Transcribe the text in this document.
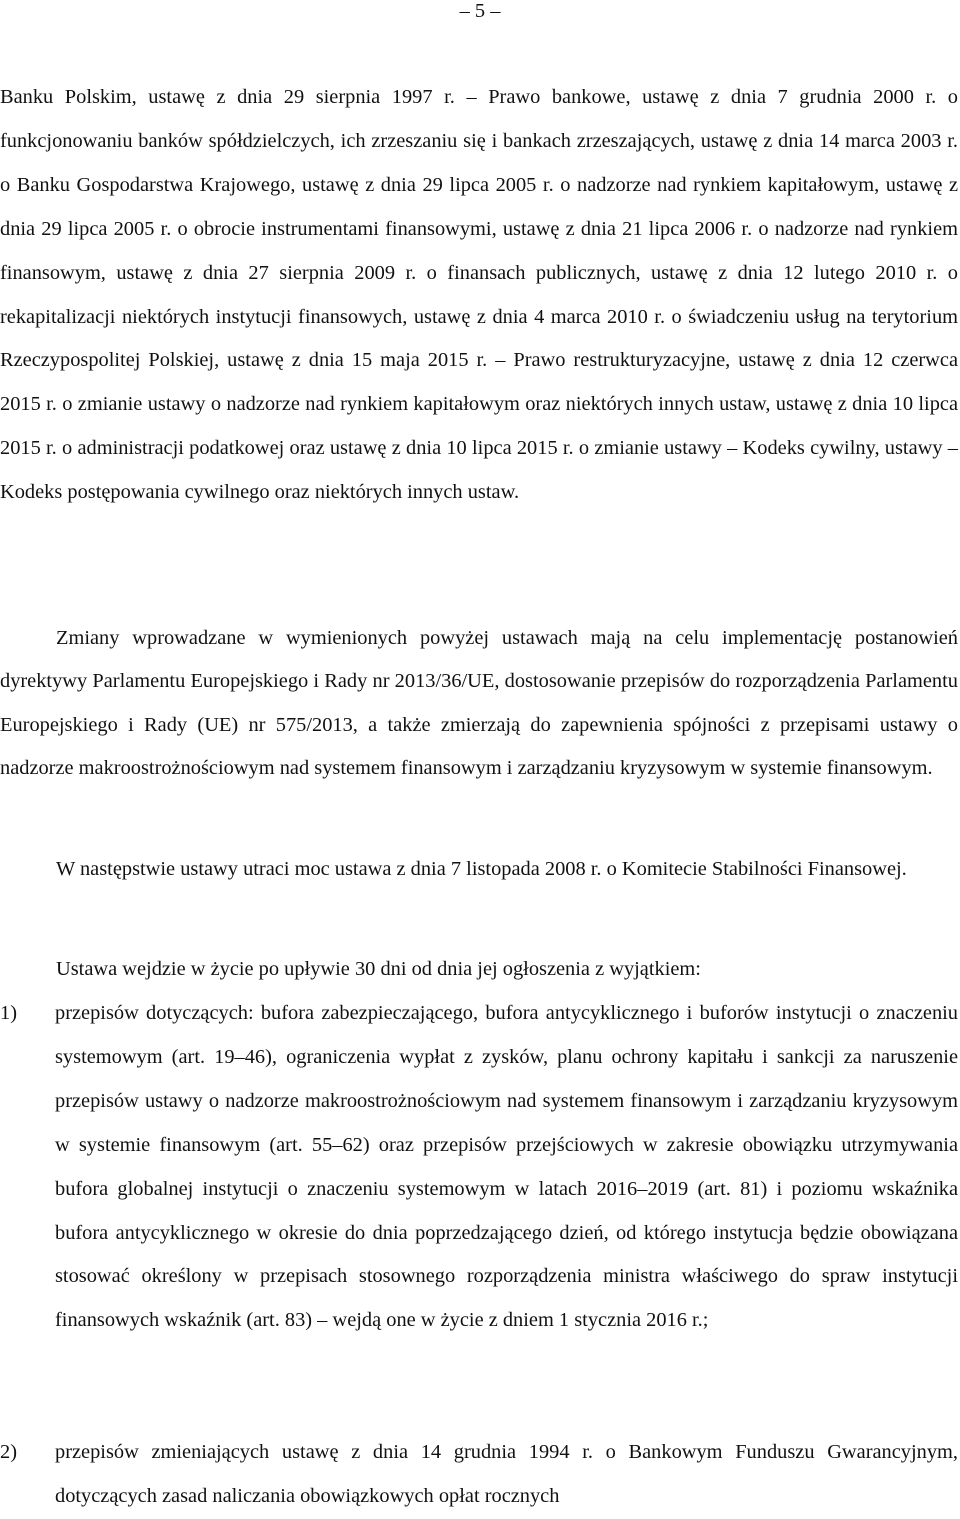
– 5 –

Banku Polskim, ustawę z dnia 29 sierpnia 1997 r. – Prawo bankowe, ustawę z dnia 7 grudnia 2000 r. o funkcjonowaniu banków spółdzielczych, ich zrzeszaniu się i bankach zrzeszających, ustawę z dnia 14 marca 2003 r. o Banku Gospodarstwa Krajowego, ustawę z dnia 29 lipca 2005 r. o nadzorze nad rynkiem kapitałowym, ustawę z dnia 29 lipca 2005 r. o obrocie instrumentami finansowymi, ustawę z dnia 21 lipca 2006 r. o nadzorze nad rynkiem finansowym, ustawę z dnia 27 sierpnia 2009 r. o finansach publicznych, ustawę z dnia 12 lutego 2010 r. o rekapitalizacji niektórych instytucji finansowych, ustawę z dnia 4 marca 2010 r. o świadczeniu usług na terytorium Rzeczypospolitej Polskiej, ustawę z dnia 15 maja 2015 r. – Prawo restrukturyzacyjne, ustawę z dnia 12 czerwca 2015 r. o zmianie ustawy o nadzorze nad rynkiem kapitałowym oraz niektórych innych ustaw, ustawę z dnia 10 lipca 2015 r. o administracji podatkowej oraz ustawę z dnia 10 lipca 2015 r. o zmianie ustawy – Kodeks cywilny, ustawy – Kodeks postępowania cywilnego oraz niektórych innych ustaw.

Zmiany wprowadzane w wymienionych powyżej ustawach mają na celu implementację postanowień dyrektywy Parlamentu Europejskiego i Rady nr 2013/36/UE, dostosowanie przepisów do rozporządzenia Parlamentu Europejskiego i Rady (UE) nr 575/2013, a także zmierzają do zapewnienia spójności z przepisami ustawy o nadzorze makroostrożnościowym nad systemem finansowym i zarządzaniu kryzysowym w systemie finansowym.

W następstwie ustawy utraci moc ustawa z dnia 7 listopada 2008 r. o Komitecie Stabilności Finansowej.

Ustawa wejdzie w życie po upływie 30 dni od dnia jej ogłoszenia z wyjątkiem:

1) przepisów dotyczących: bufora zabezpieczającego, bufora antycyklicznego i buforów instytucji o znaczeniu systemowym (art. 19–46), ograniczenia wypłat z zysków, planu ochrony kapitału i sankcji za naruszenie przepisów ustawy o nadzorze makroostrożnościowym nad systemem finansowym i zarządzaniu kryzysowym w systemie finansowym (art. 55–62) oraz przepisów przejściowych w zakresie obowiązku utrzymywania bufora globalnej instytucji o znaczeniu systemowym w latach 2016–2019 (art. 81) i poziomu wskaźnika bufora antycyklicznego w okresie do dnia poprzedzającego dzień, od którego instytucja będzie obowiązana stosować określony w przepisach stosownego rozporządzenia ministra właściwego do spraw instytucji finansowych wskaźnik (art. 83) – wejdą one w życie z dniem 1 stycznia 2016 r.;
2) przepisów zmieniających ustawę z dnia 14 grudnia 1994 r. o Bankowym Funduszu Gwarancyjnym, dotyczących zasad naliczania obowiązkowych opłat rocznych
